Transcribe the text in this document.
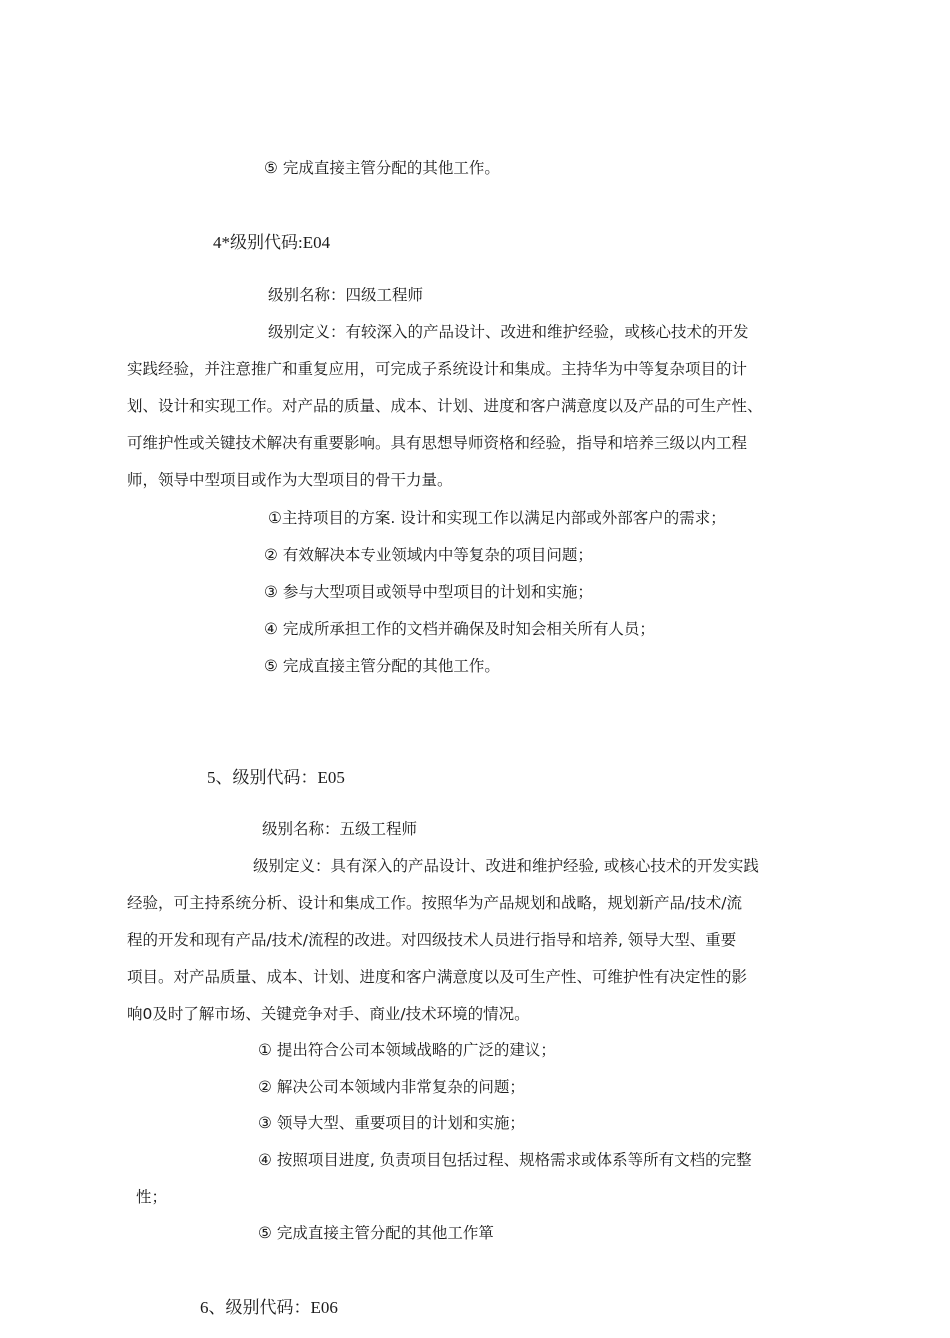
⑤ 完成直接主管分配的其他工作。

4*级别代码:E04

级别名称：四级工程师

级别定义：有较深入的产品设计、改进和维护经验，或核心技术的开发

实践经验，并注意推广和重复应用，可完成子系统设计和集成。主持华为中等复杂项目的计

划、设计和实现工作。对产品的质量、成本、计划、进度和客户满意度以及产品的可生产性、

可维护性或关键技术解决有重要影响。具有思想导师资格和经验，指导和培养三级以内工程

师，领导中型项目或作为大型项目的骨干力量。

①主持项目的方案. 设计和实现工作以满足内部或外部客户的需求；

② 有效解决本专业领域内中等复杂的项目问题；

③ 参与大型项目或领导中型项目的计划和实施；

④ 完成所承担工作的文档并确保及时知会相关所有人员；

⑤ 完成直接主管分配的其他工作。

5、级别代码：E05

级别名称：五级工程师

级别定义：具有深入的产品设计、改进和维护经验, 或核心技术的开发实践

经验，可主持系统分析、设计和集成工作。按照华为产品规划和战略，规划新产品/技术/流

程的开发和现有产品/技术/流程的改进。对四级技术人员进行指导和培养, 领导大型、重要

项目。对产品质量、成本、计划、进度和客户满意度以及可生产性、可维护性有决定性的影

响0及时了解市场、关键竞争对手、商业/技术环境的情况。

① 提出符合公司本领域战略的广泛的建议；

② 解决公司本领域内非常复杂的问题；

③ 领导大型、重要项目的计划和实施；

④ 按照项目进度, 负责项目包括过程、规格需求或体系等所有文档的完整

性；

⑤ 完成直接主管分配的其他工作箪

6、级别代码：E06
